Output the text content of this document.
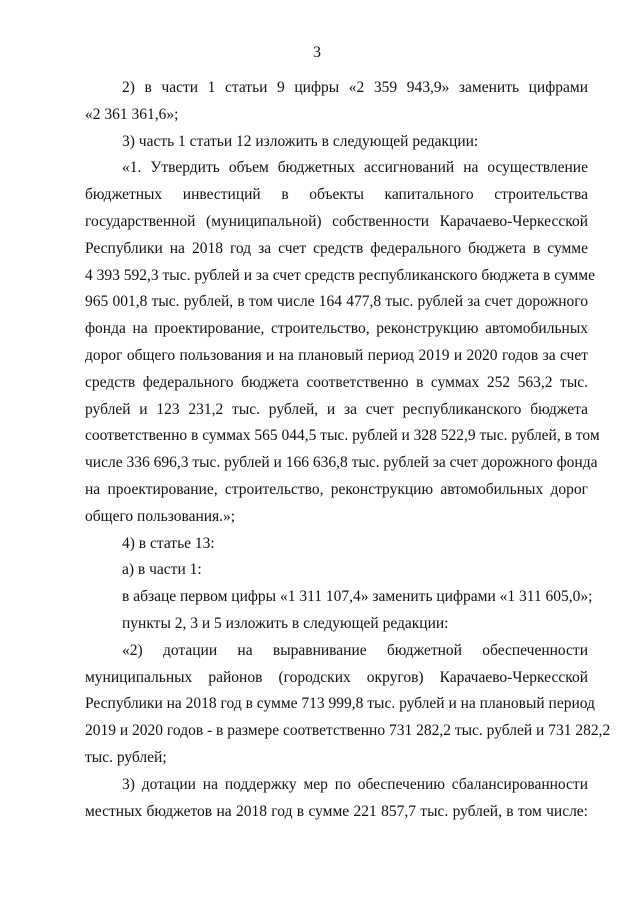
3
2) в части 1 статьи 9 цифры «2 359 943,9» заменить цифрами
«2 361 361,6»;
3) часть 1 статьи 12 изложить в следующей редакции:
«1. Утвердить объем бюджетных ассигнований на осуществление
бюджетных инвестиций в объекты капитального строительства
государственной (муниципальной) собственности Карачаево-Черкесской
Республики на 2018 год за счет средств федерального бюджета в сумме
4 393 592,3 тыс. рублей и за счет средств республиканского бюджета в сумме
965 001,8 тыс. рублей, в том числе 164 477,8 тыс. рублей за счет дорожного
фонда на проектирование, строительство, реконструкцию автомобильных
дорог общего пользования и на плановый период 2019 и 2020 годов за счет
средств федерального бюджета соответственно в суммах 252 563,2 тыс.
рублей и 123 231,2 тыс. рублей, и за счет республиканского бюджета
соответственно в суммах 565 044,5 тыс. рублей и 328 522,9 тыс. рублей, в том
числе 336 696,3 тыс. рублей и 166 636,8 тыс. рублей за счет дорожного фонда
на проектирование, строительство, реконструкцию автомобильных дорог
общего пользования.»;
4) в статье 13:
а) в части 1:
в абзаце первом цифры «1 311 107,4» заменить цифрами «1 311 605,0»;
пункты 2, 3 и 5 изложить в следующей редакции:
«2) дотации на выравнивание бюджетной обеспеченности
муниципальных районов (городских округов) Карачаево-Черкесской
Республики на 2018 год в сумме 713 999,8 тыс. рублей и на плановый период
2019 и 2020 годов - в размере соответственно 731 282,2 тыс. рублей и 731 282,2
тыс. рублей;
3) дотации на поддержку мер по обеспечению сбалансированности
местных бюджетов на 2018 год в сумме 221 857,7 тыс. рублей, в том числе:
